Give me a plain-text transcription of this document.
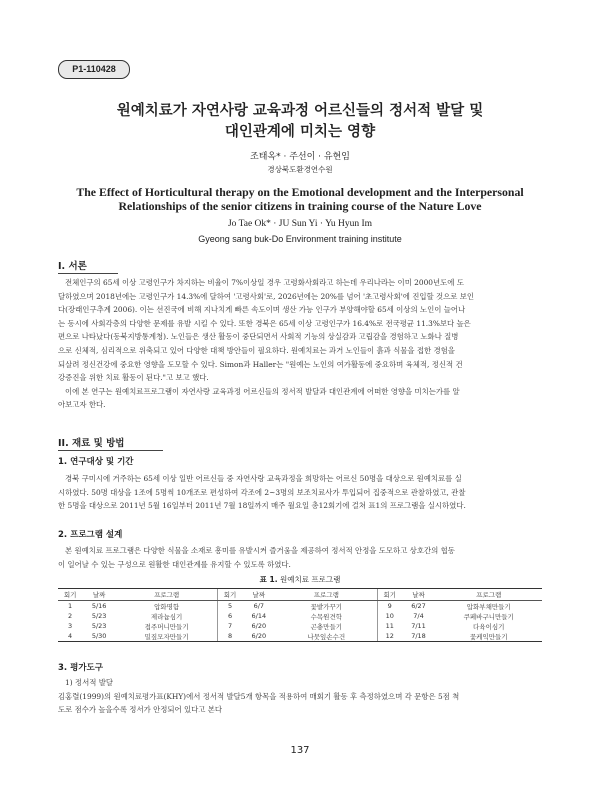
P1-110428
원예치료가 자연사랑 교육과정 어르신들의 정서적 발달 및
대인관계에 미치는 영향
조태옥* · 주선이 · 유현임
경상북도환경연수원
The Effect of Horticultural therapy on the Emotional development and the Interpersonal
Relationships of the senior citizens in training course of the Nature Love
Jo Tae Ok* · JU Sun Yi · Yu Hyun Im
Gyeong sang buk-Do Environment training institute
I. 서론
전체인구의 65세 이상 고령인구가 차지하는 비율이 7%이상일 경우 고령화사회라고 하는데 우리나라는 이미 2000년도에 도
달하였으며 2018년에는 고령인구가 14.3%에 달하여 '고령사회'로, 2026년에는 20%를 넘어 '초고령사회'에 진입할 것으로 보인
다(장래인구추계 2006). 이는 선진국에 비해 지나치게 빠른 속도이며 생산 가능 인구가 부양해야할 65세 이상의 노인이 늘어나
는 동시에 사회각층의 다양한 문제를 유발 시킬 수 있다. 또한 경북은 65세 이상 고령인구가 16.4%로 전국평균 11.3%보다 높은
편으로 나타났다(동북지방통계청). 노인들은 생산 활동이 중단되면서 사회적 기능의 상실감과 고립감을 경험하고 노화나 질병
으로 신체적, 심리적으로 위축되고 있어 다양한 대책 방안들이 필요하다. 원예치료는 과거 노인들이 흙과 식물을 접한 경험을
되살려 정신건강에 중요한 영향을 도모할 수 있다. Simon과 Haller는 "원예는 노인의 여가활동에 중요하며 육체적, 정신적 건
강증진을 위한 치료 활동이 된다."고 보고 했다.
이에 본 연구는 원예치료프로그램이 자연사랑 교육과정 어르신들의 정서적 발달과 대인관계에 어떠한 영향을 미치는가를 알
아보고자 한다.
II. 재료 및 방법
1. 연구대상 및 기간
경북 구미시에 거주하는 65세 이상 일반 어르신들 중 자연사랑 교육과정을 희망하는 어르신 50명을 대상으로 원예치료를 실
시하였다. 50명 대상을 1조에 5명씩 10개조로 편성하여 각조에 2~3명의 보조치료사가 투입되어 집중적으로 관찰하였고, 관찰
한 5명을 대상으로 2011년 5월 16일부터 2011년 7월 18일까지 매주 월요일 총12회기에 걸쳐 표1의 프로그램을 실시하였다.
2. 프로그램 설계
본 원예치료 프로그램은 다양한 식물을 소재로 흥미를 유발시켜 즐거움을 제공하여 정서적 안정을 도모하고 상호간의 협동
이 일어날 수 있는 구성으로 원활한 대인관계를 유지할 수 있도록 하였다.
표 1. 원예치료 프로그램
회기	날짜	프로그램	회기	날짜	프로그램	회기	날짜	프로그램
1	5/16	압화명함	5	6/7	꽃밭가꾸기	9	6/27	압화부채만들기
2	5/23	제라늄심기	6	6/14	수목원견학	10	7/4	쿠페바구니만들기
3	5/23	접주머니만들기	7	6/20	곤충만들기	11	7/11	다육이심기
4	5/30	밀짚모자만들기	8	6/20	나뭇잎손수건	12	7/18	꽃케익만들기
3. 평가도구
1) 정서적 발달
김홍렬(1999)의 원예치료평가표(KHY)에서 정서적 발달5개 항목을 적용하여 매회기 활동 후 측정하였으며 각 문항은 5점 척
도로 점수가 높을수록 정서가 안정되어 있다고 본다
137
